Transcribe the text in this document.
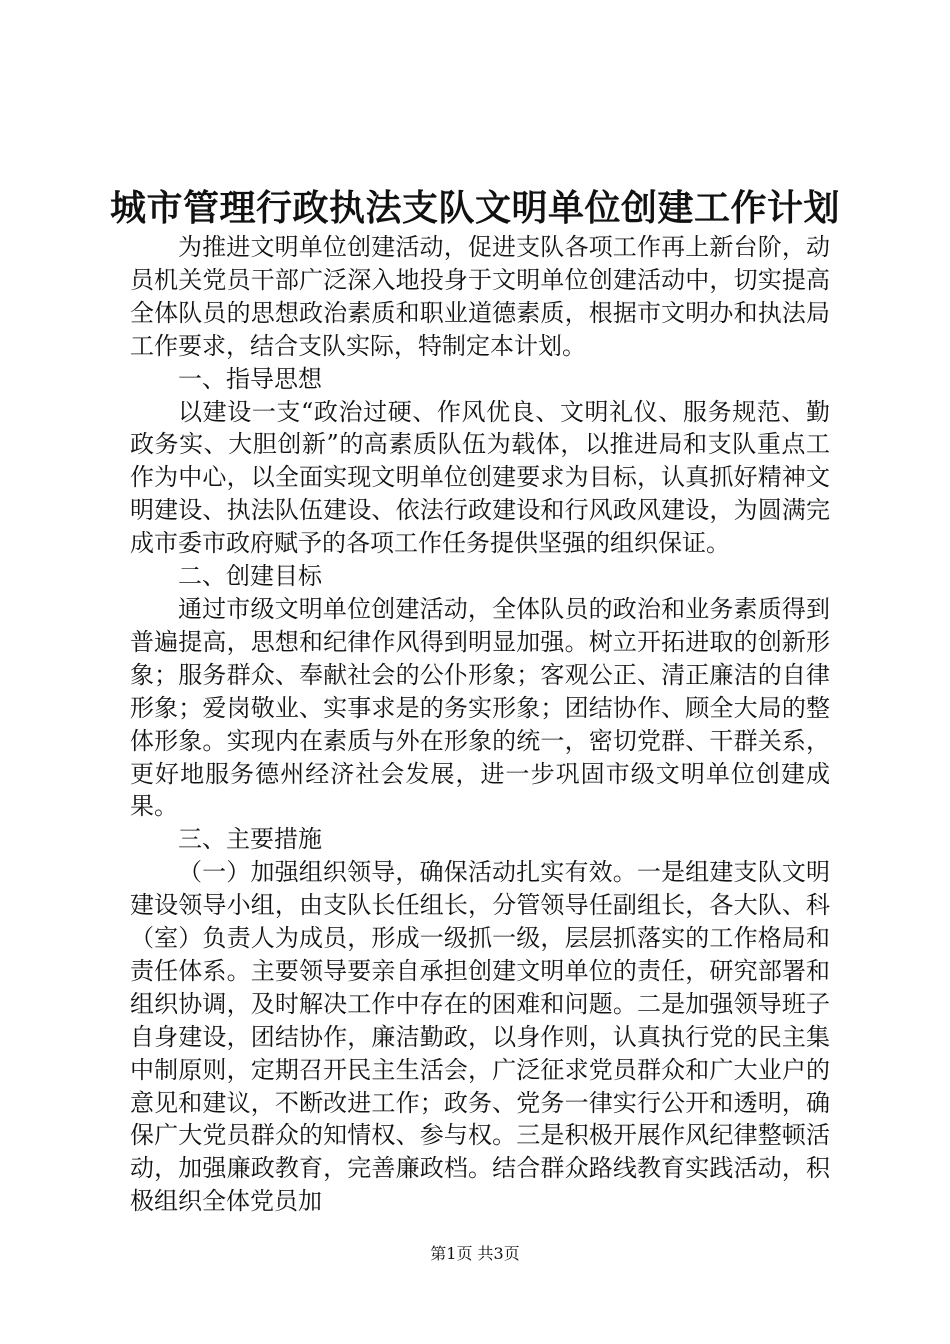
城市管理行政执法支队文明单位创建工作计划

为推进文明单位创建活动，促进支队各项工作再上新台阶，动员机关党员干部广泛深入地投身于文明单位创建活动中，切实提高全体队员的思想政治素质和职业道德素质，根据市文明办和执法局工作要求，结合支队实际，特制定本计划。

一、指导思想

以建设一支“政治过硬、作风优良、文明礼仪、服务规范、勤政务实、大胆创新”的高素质队伍为载体，以推进局和支队重点工作为中心，以全面实现文明单位创建要求为目标，认真抓好精神文明建设、执法队伍建设、依法行政建设和行风政风建设，为圆满完成市委市政府赋予的各项工作任务提供坚强的组织保证。

二、创建目标

通过市级文明单位创建活动，全体队员的政治和业务素质得到普遍提高，思想和纪律作风得到明显加强。树立开拓进取的创新形象；服务群众、奉献社会的公仆形象；客观公正、清正廉洁的自律形象；爱岗敬业、实事求是的务实形象；团结协作、顾全大局的整体形象。实现内在素质与外在形象的统一，密切党群、干群关系，更好地服务德州经济社会发展，进一步巩固市级文明单位创建成果。

三、主要措施

（一）加强组织领导，确保活动扎实有效。一是组建支队文明建设领导小组，由支队长任组长，分管领导任副组长，各大队、科（室）负责人为成员，形成一级抓一级，层层抓落实的工作格局和责任体系。主要领导要亲自承担创建文明单位的责任，研究部署和组织协调，及时解决工作中存在的困难和问题。二是加强领导班子自身建设，团结协作，廉洁勤政，以身作则，认真执行党的民主集中制原则，定期召开民主生活会，广泛征求党员群众和广大业户的意见和建议，不断改进工作；政务、党务一律实行公开和透明，确保广大党员群众的知情权、参与权。三是积极开展作风纪律整顿活动，加强廉政教育，完善廉政档。结合群众路线教育实践活动，积极组织全体党员加

第1页 共3页
